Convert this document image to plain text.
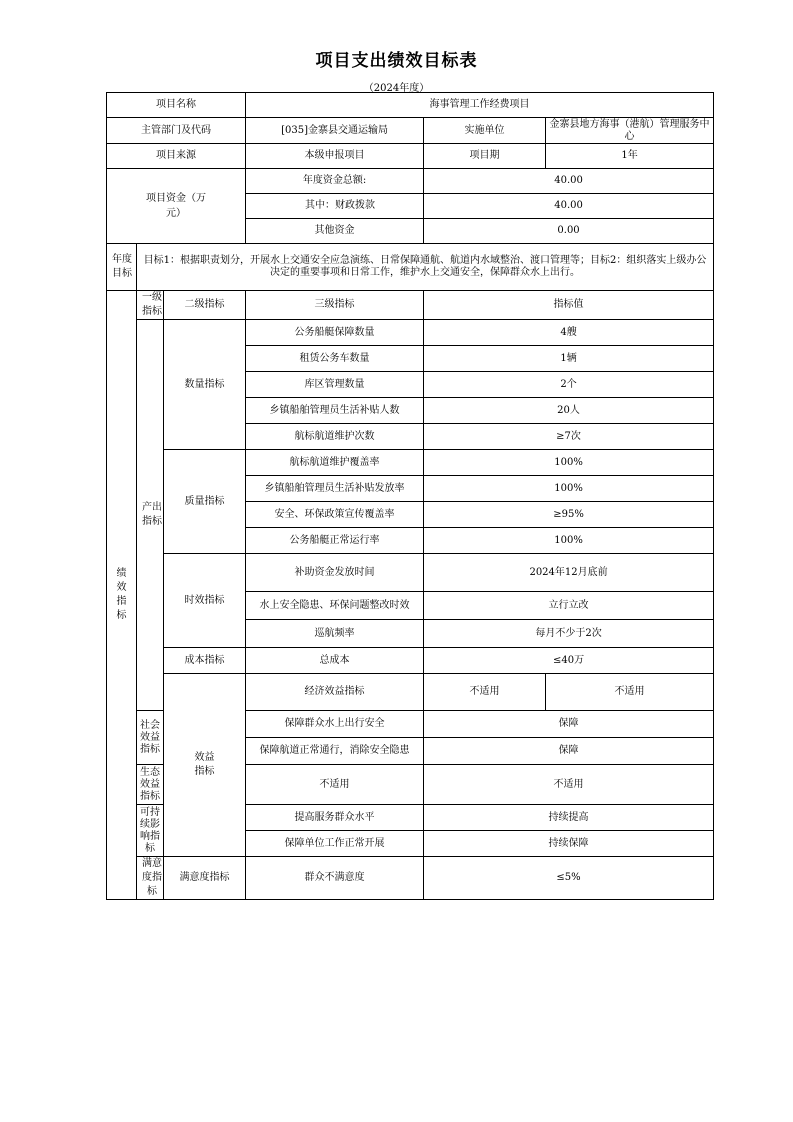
项目支出绩效目标表
（2024年度）
项目名称			海事管理工作经费项目		
主管部门及代码			[035]金寨县交通运输局	实施单位	金寨县地方海事（港航）管理服务中心
项目来源			本级申报项目	项目期	1年

项目资金（万元）			年度资金总额:	40.00	
			其中：财政拨款	40.00	
			其他资金	0.00	

年度目标	目标1：根据职责划分，开展水上交通安全应急演练、日常保障通航、航道内水域整治、渡口管理等；目标2：组织落实上级办公决定的重要事项和日常工作，维护水上交通安全，保障群众水上出行。				

绩效指标	一级指标	二级指标	三级指标	指标值	

	产出指标	数量指标	公务船艇保障数量	4艘	
			租赁公务车数量	1辆	
			库区管理数量	2个	
			乡镇船舶管理员生活补贴人数	20人	
			航标航道维护次数	≥7次	
		质量指标	航标航道维护覆盖率	100%	
			乡镇船舶管理员生活补贴发放率	100%	
			安全、环保政策宣传覆盖率	≥95%	
			公务船艇正常运行率	100%	
		时效指标	补助资金发放时间	2024年12月底前	
			水上安全隐患、环保问题整改时效	立行立改	
			巡航频率	每月不少于2次	
		成本指标	总成本	≤40万	

		效益指标	经济效益指标	不适用	不适用
	社会效益指标		保障群众水上出行安全	保障	
			保障航道正常通行，消除安全隐患	保障	
	生态效益指标		不适用	不适用	
	可持续影响指标		提高服务群众水平	持续提高	
			保障单位工作正常开展	持续保障	

	满意度指标	满意度指标	群众不满意度	≤5%	
